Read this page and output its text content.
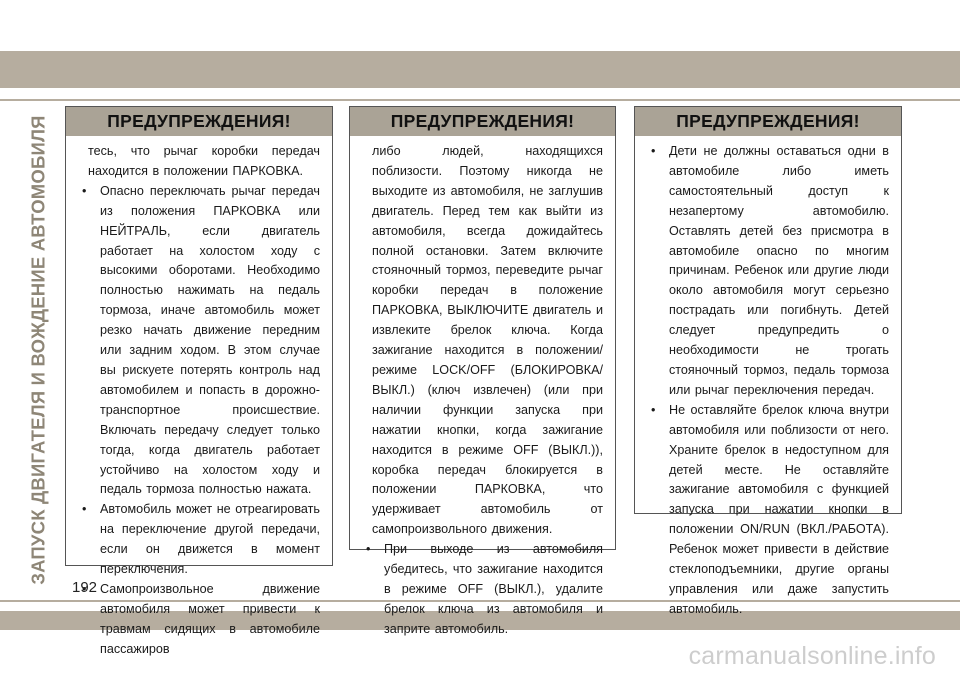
ЗАПУСК ДВИГАТЕЛЯ И ВОЖДЕНИЕ АВТОМОБИЛЯ	ПРЕДУПРЕЖДЕНИЯ!

тесь, что рычаг коробки передач находится в положении ПАРКОВКА.

• Опасно переключать рычаг передач из положения ПАРКОВКА или НЕЙТРАЛЬ, если двигатель работает на холостом ходу с высокими оборотами. Необходимо полностью нажимать на педаль тормоза, иначе автомобиль может резко начать движение передним или задним ходом. В этом случае вы рискуете потерять контроль над автомобилем и попасть в дорожно-транспортное происшествие. Включать передачу следует только тогда, когда двигатель работает устойчиво на холостом ходу и педаль тормоза полностью нажата.

• Автомобиль может не отреагировать на переключение другой передачи, если он движется в момент переключения.

• Самопроизвольное движение автомобиля может привести к травмам сидящих в автомобиле пассажиров

ПРЕДУПРЕЖДЕНИЯ!

либо людей, находящихся поблизости. Поэтому никогда не выходите из автомобиля, не заглушив двигатель. Перед тем как выйти из автомобиля, всегда дожидайтесь полной остановки. Затем включите стояночный тормоз, переведите рычаг коробки передач в положение ПАРКОВКА, ВЫКЛЮЧИТЕ двигатель и извлеките брелок ключа. Когда зажигание находится в положении/режиме LOCK/OFF (БЛОКИРОВКА/ВЫКЛ.) (ключ извлечен) (или при наличии функции запуска при нажатии кнопки, когда зажигание находится в режиме OFF (ВЫКЛ.)), коробка передач блокируется в положении ПАРКОВКА, что удерживает автомобиль от самопроизвольного движения.

• При выходе из автомобиля убедитесь, что зажигание находится в режиме OFF (ВЫКЛ.), удалите брелок ключа из автомобиля и заприте автомобиль.

ПРЕДУПРЕЖДЕНИЯ!

• Дети не должны оставаться одни в автомобиле либо иметь самостоятельный доступ к незапертому автомобилю. Оставлять детей без присмотра в автомобиле опасно по многим причинам. Ребенок или другие люди около автомобиля могут серьезно пострадать или погибнуть. Детей следует предупредить о необходимости не трогать стояночный тормоз, педаль тормоза или рычаг переключения передач.

• Не оставляйте брелок ключа внутри автомобиля или поблизости от него. Храните брелок в недоступном для детей месте. Не оставляйте зажигание автомобиля с функцией запуска при нажатии кнопки в положении ON/RUN (ВКЛ./РАБОТА). Ребенок может привести в действие стеклоподъемники, другие органы управления или даже запустить автомобиль.

192
carmanualsonline.info
